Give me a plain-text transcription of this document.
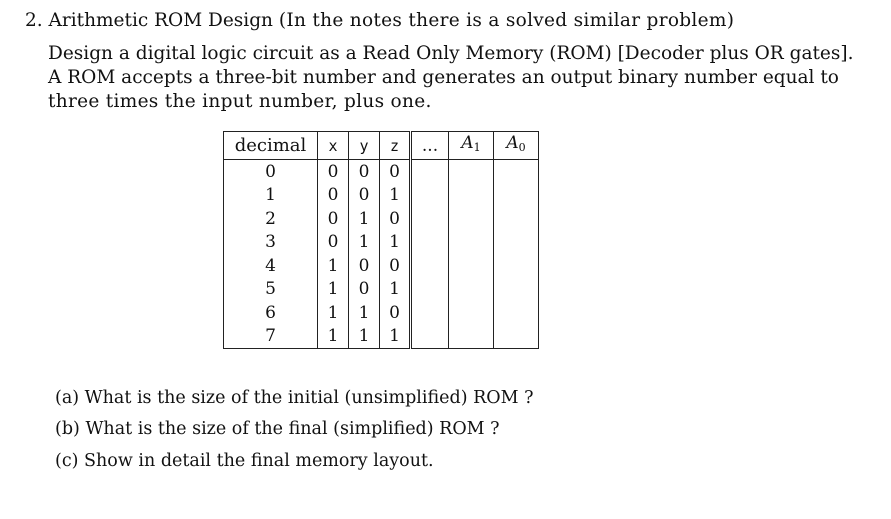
2. Arithmetic ROM Design (In the notes there is a solved similar problem)
Design a digital logic circuit as a Read Only Memory (ROM) [Decoder plus OR gates].
A ROM accepts a three-bit number and generates an output binary number equal to
three times the input number, plus one.
decimal	x	y	z	...	$A_1$	$A_0$
0	0	0	0			
1	0	0	1			
2	0	1	0			
3	0	1	1			
4	1	0	0			
5	1	0	1			
6	1	1	0			
7	1	1	1			
(a) What is the size of the initial (unsimplified) ROM ?
(b) What is the size of the final (simplified) ROM ?
(c) Show in detail the final memory layout.
